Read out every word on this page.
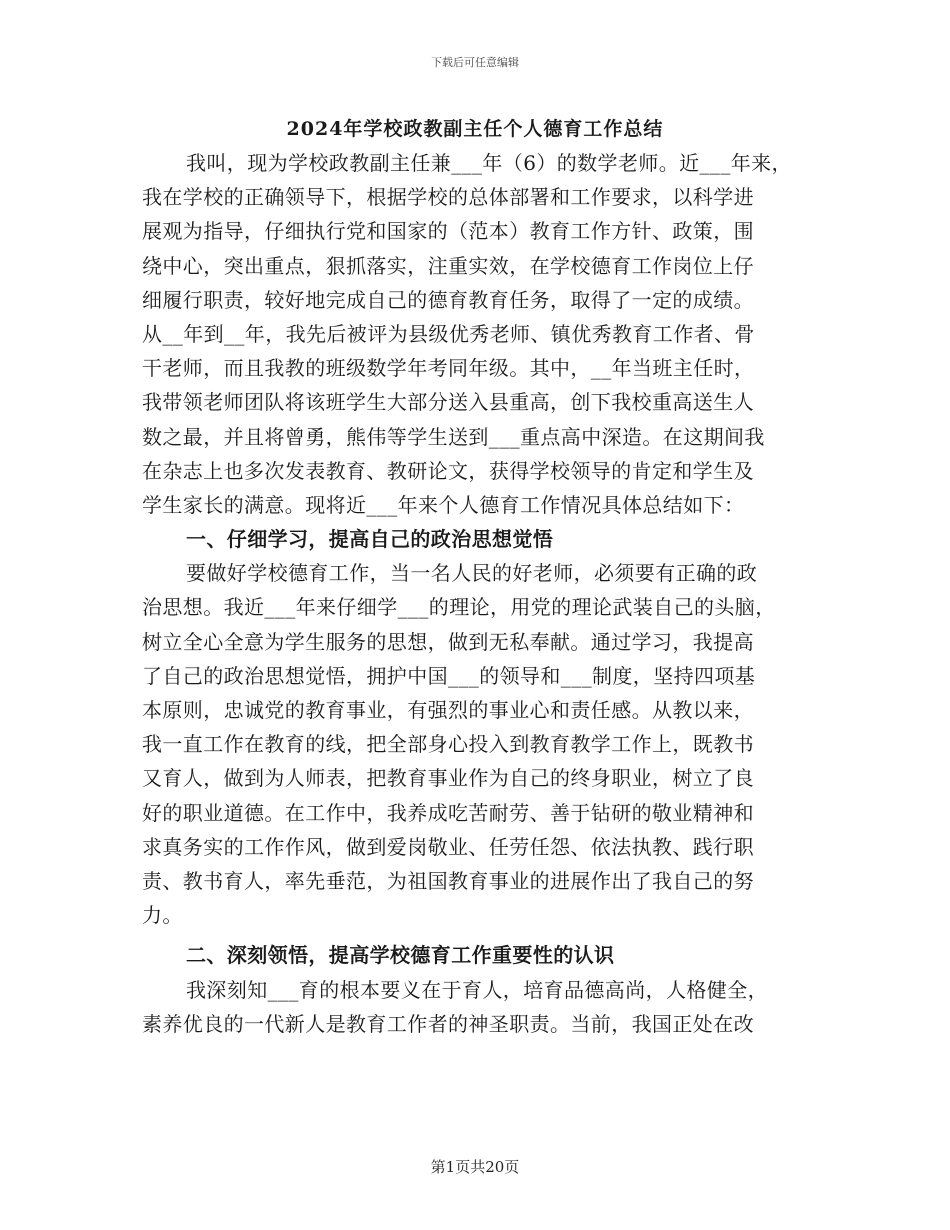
下载后可任意编辑
2024年学校政教副主任个人德育工作总结
我叫，现为学校政教副主任兼___年（6）的数学老师。近___年来，
我在学校的正确领导下，根据学校的总体部署和工作要求，以科学进
展观为指导，仔细执行党和国家的（范本）教育工作方针、政策，围
绕中心，突出重点，狠抓落实，注重实效，在学校德育工作岗位上仔
细履行职责，较好地完成自己的德育教育任务，取得了一定的成绩。
从__年到__年，我先后被评为县级优秀老师、镇优秀教育工作者、骨
干老师，而且我教的班级数学年考同年级。其中，__年当班主任时，
我带领老师团队将该班学生大部分送入县重高，创下我校重高送生人
数之最，并且将曾勇，熊伟等学生送到___重点高中深造。在这期间我
在杂志上也多次发表教育、教研论文，获得学校领导的肯定和学生及
学生家长的满意。现将近___年来个人德育工作情况具体总结如下：
一、仔细学习，提高自己的政治思想觉悟
要做好学校德育工作，当一名人民的好老师，必须要有正确的政
治思想。我近___年来仔细学___的理论，用党的理论武装自己的头脑，
树立全心全意为学生服务的思想，做到无私奉献。通过学习，我提高
了自己的政治思想觉悟，拥护中国___的领导和___制度，坚持四项基
本原则，忠诚党的教育事业，有强烈的事业心和责任感。从教以来，
我一直工作在教育的线，把全部身心投入到教育教学工作上，既教书
又育人，做到为人师表，把教育事业作为自己的终身职业，树立了良
好的职业道德。在工作中，我养成吃苦耐劳、善于钻研的敬业精神和
求真务实的工作作风，做到爱岗敬业、任劳任怨、依法执教、践行职
责、教书育人，率先垂范，为祖国教育事业的进展作出了我自己的努
力。
二、深刻领悟，提高学校德育工作重要性的认识
我深刻知___育的根本要义在于育人，培育品德高尚，人格健全，
素养优良的一代新人是教育工作者的神圣职责。当前，我国正处在改
第1页共20页
